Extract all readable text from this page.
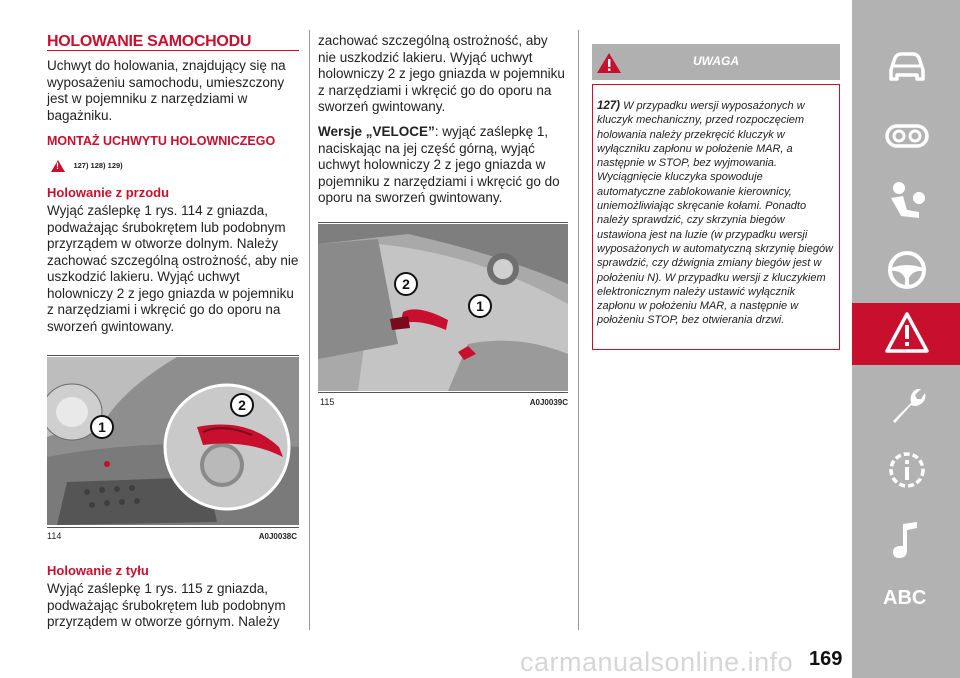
HOLOWANIE SAMOCHODU

Uchwyt do holowania, znajdujący się na wyposażeniu samochodu, umieszczony jest w pojemniku z narzędziami w bagażniku.

MONTAŻ UCHWYTU HOLOWNICZEGO
! 127) 128) 129)
Holowanie z przodu

Wyjąć zaślepkę 1 rys. 114 z gniazda, podważając śrubokrętem lub podobnym przyrządem w otworze dolnym. Należy zachować szczególną ostrożność, aby nie uszkodzić lakieru. Wyjąć uchwyt holowniczy 2 z jego gniazda w pojemniku z narzędziami i wkręcić go do oporu na sworzeń gwintowany.

1
2
114	A0J0038C
Holowanie z tyłu

Wyjąć zaślepkę 1 rys. 115 z gniazda, podważając śrubokrętem lub podobnym przyrządem w otworze górnym. Należy

zachować szczególną ostrożność, aby nie uszkodzić lakieru. Wyjąć uchwyt holowniczy 2 z jego gniazda w pojemniku z narzędziami i wkręcić go do oporu na sworzeń gwintowany.

Wersje „VELOCE”: wyjąć zaślepkę 1, naciskając na jej część górną, wyjąć uchwyt holowniczy 2 z jego gniazda w pojemniku z narzędziami i wkręcić go do oporu na sworzeń gwintowany.

1
2
115	A0J0039C
UWAGA

127) W przypadku wersji wyposażonych w kluczyk mechaniczny, przed rozpoczęciem holowania należy przekręcić kluczyk w wyłączniku zapłonu w położenie MAR, a następnie w STOP, bez wyjmowania. Wyciągnięcie kluczyka spowoduje automatyczne zablokowanie kierownicy, uniemożliwiając skręcanie kołami. Ponadto należy sprawdzić, czy skrzynia biegów ustawiona jest na luzie (w przypadku wersji wyposażonych w automatyczną skrzynię biegów sprawdzić, czy dźwignia zmiany biegów jest w położeniu N). W przypadku wersji z kluczykiem elektronicznym należy ustawić wyłącznik zapłonu w położeniu MAR, a następnie w położeniu STOP, bez otwierania drzwi.

ABC
carmanualsonline.info 169
